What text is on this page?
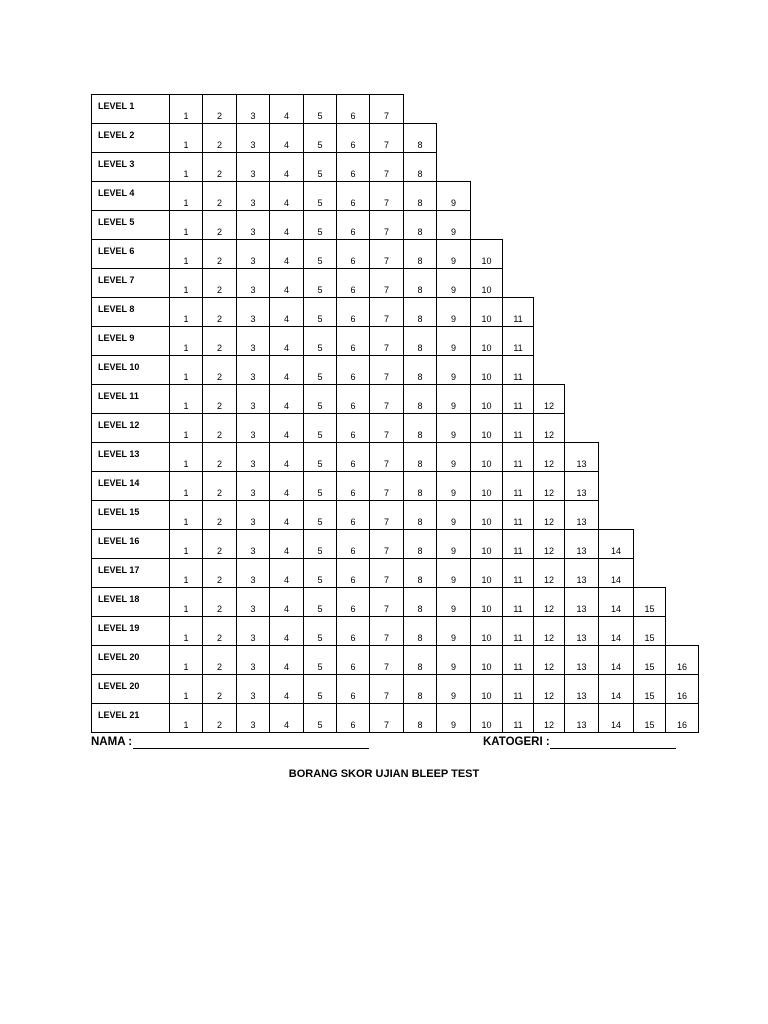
LEVEL 1
1	2	3	4	5	6	7
LEVEL 2
1	2	3	4	5	6	7	8
LEVEL 3
1	2	3	4	5	6	7	8
LEVEL 4
1	2	3	4	5	6	7	8	9
LEVEL 5
1	2	3	4	5	6	7	8	9
LEVEL 6
1	2	3	4	5	6	7	8	9	10
LEVEL 7
1	2	3	4	5	6	7	8	9	10
LEVEL 8
1	2	3	4	5	6	7	8	9	10	11
LEVEL 9
1	2	3	4	5	6	7	8	9	10	11
LEVEL 10
1	2	3	4	5	6	7	8	9	10	11
LEVEL 11
1	2	3	4	5	6	7	8	9	10	11	12
LEVEL 12
1	2	3	4	5	6	7	8	9	10	11	12
LEVEL 13
1	2	3	4	5	6	7	8	9	10	11	12	13
LEVEL 14
1	2	3	4	5	6	7	8	9	10	11	12	13
LEVEL 15
1	2	3	4	5	6	7	8	9	10	11	12	13
LEVEL 16
1	2	3	4	5	6	7	8	9	10	11	12	13	14
LEVEL 17
1	2	3	4	5	6	7	8	9	10	11	12	13	14
LEVEL 18
1	2	3	4	5	6	7	8	9	10	11	12	13	14	15
LEVEL 19
1	2	3	4	5	6	7	8	9	10	11	12	13	14	15
LEVEL 20
1	2	3	4	5	6	7	8	9	10	11	12	13	14	15	16
LEVEL 20
1	2	3	4	5	6	7	8	9	10	11	12	13	14	15	16
LEVEL 21
1	2	3	4	5	6	7	8	9	10	11	12	13	14	15	16
NAMA :	KATOGERI :
BORANG SKOR UJIAN BLEEP TEST
